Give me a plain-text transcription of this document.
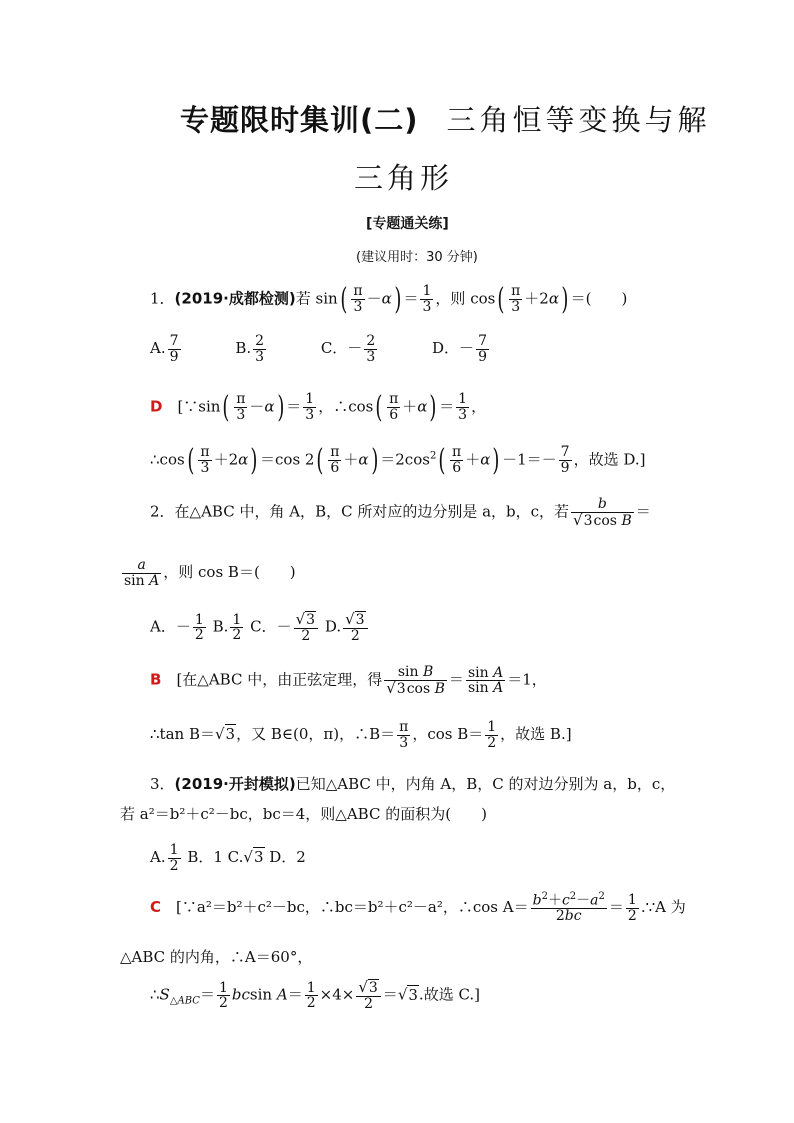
专题限时集训(二) 三角恒等变换与解
三角形
[专题通关练]
(建议用时：30 分钟)
1．(2019·成都检测)若 $\sin( \frac{\pi}{3} -\alpha) = \frac{1}{3}$ ，则 $\cos( \frac{\pi}{3} +2\alpha)$ ＝(　　)
A. $\frac{7}{9}$	B. $\frac{2}{3}$	C．－ $\frac{2}{3}$	D．－ $\frac{7}{9}$
D　[∵sin( $\frac{\pi}{3} -\alpha) = \frac{1}{3}$ ，∴cos( $\frac{\pi}{6} +\alpha) = \frac{1}{3}$ ，
∴cos( $\frac{\pi}{3} +2\alpha) =\cos$ $2( \frac{\pi}{6} +\alpha) =2\cos^2( \frac{\pi}{6} +\alpha) -1=- \frac{7}{9}$ ，故选 D.]
2．在△ABC 中，角 A，B，C 所对应的边分别是 a，b，c，若 $\frac{b}{\text{√3cos B}}$ ＝
$\frac{a}{\text{sin A}}$ ，则 cos B＝(　　)
A．－ $\frac{1}{2} B$. $\frac{1}{2}$ C．－ $\frac{√3}{2} D$. $\frac{√3}{2}$
B　 [在△ABC 中，由正弦定理，得 $\frac{\text{sin B}}{\text{√3cos B}} = \frac{\text{sin A}}{\text{sin A}} =1$，
∴tan B＝√3，又 B∈(0，π)，∴B＝ $\frac{\pi}{3}$ ，$\cos B= \frac{1}{2}$ ，故选 B.]
3．(2019·开封模拟)已知△ABC 中，内角 A，B，C 的对边分别为 a，b，c，
若 a²＝b²＋c²－bc，bc＝4，则△ABC 的面积为(　　)
A. $\frac{1}{2}$ B．1 C.√3 D．2
C　 [∵a²＝b²＋c²－bc，∴bc＝b²＋c²－a²，∴cos $A= \frac{b^2+c^2-a^2}{2bc} = \frac{1}{2}$ .∵A 为
△ABC 的内角，∴A＝60°，
$\therefore S_{\triangle ABC}= \frac{1}{2}$ bcsin $A= \frac{1}{2} \times 4\times \frac{√3}{2} =√3$.故选 C.]
